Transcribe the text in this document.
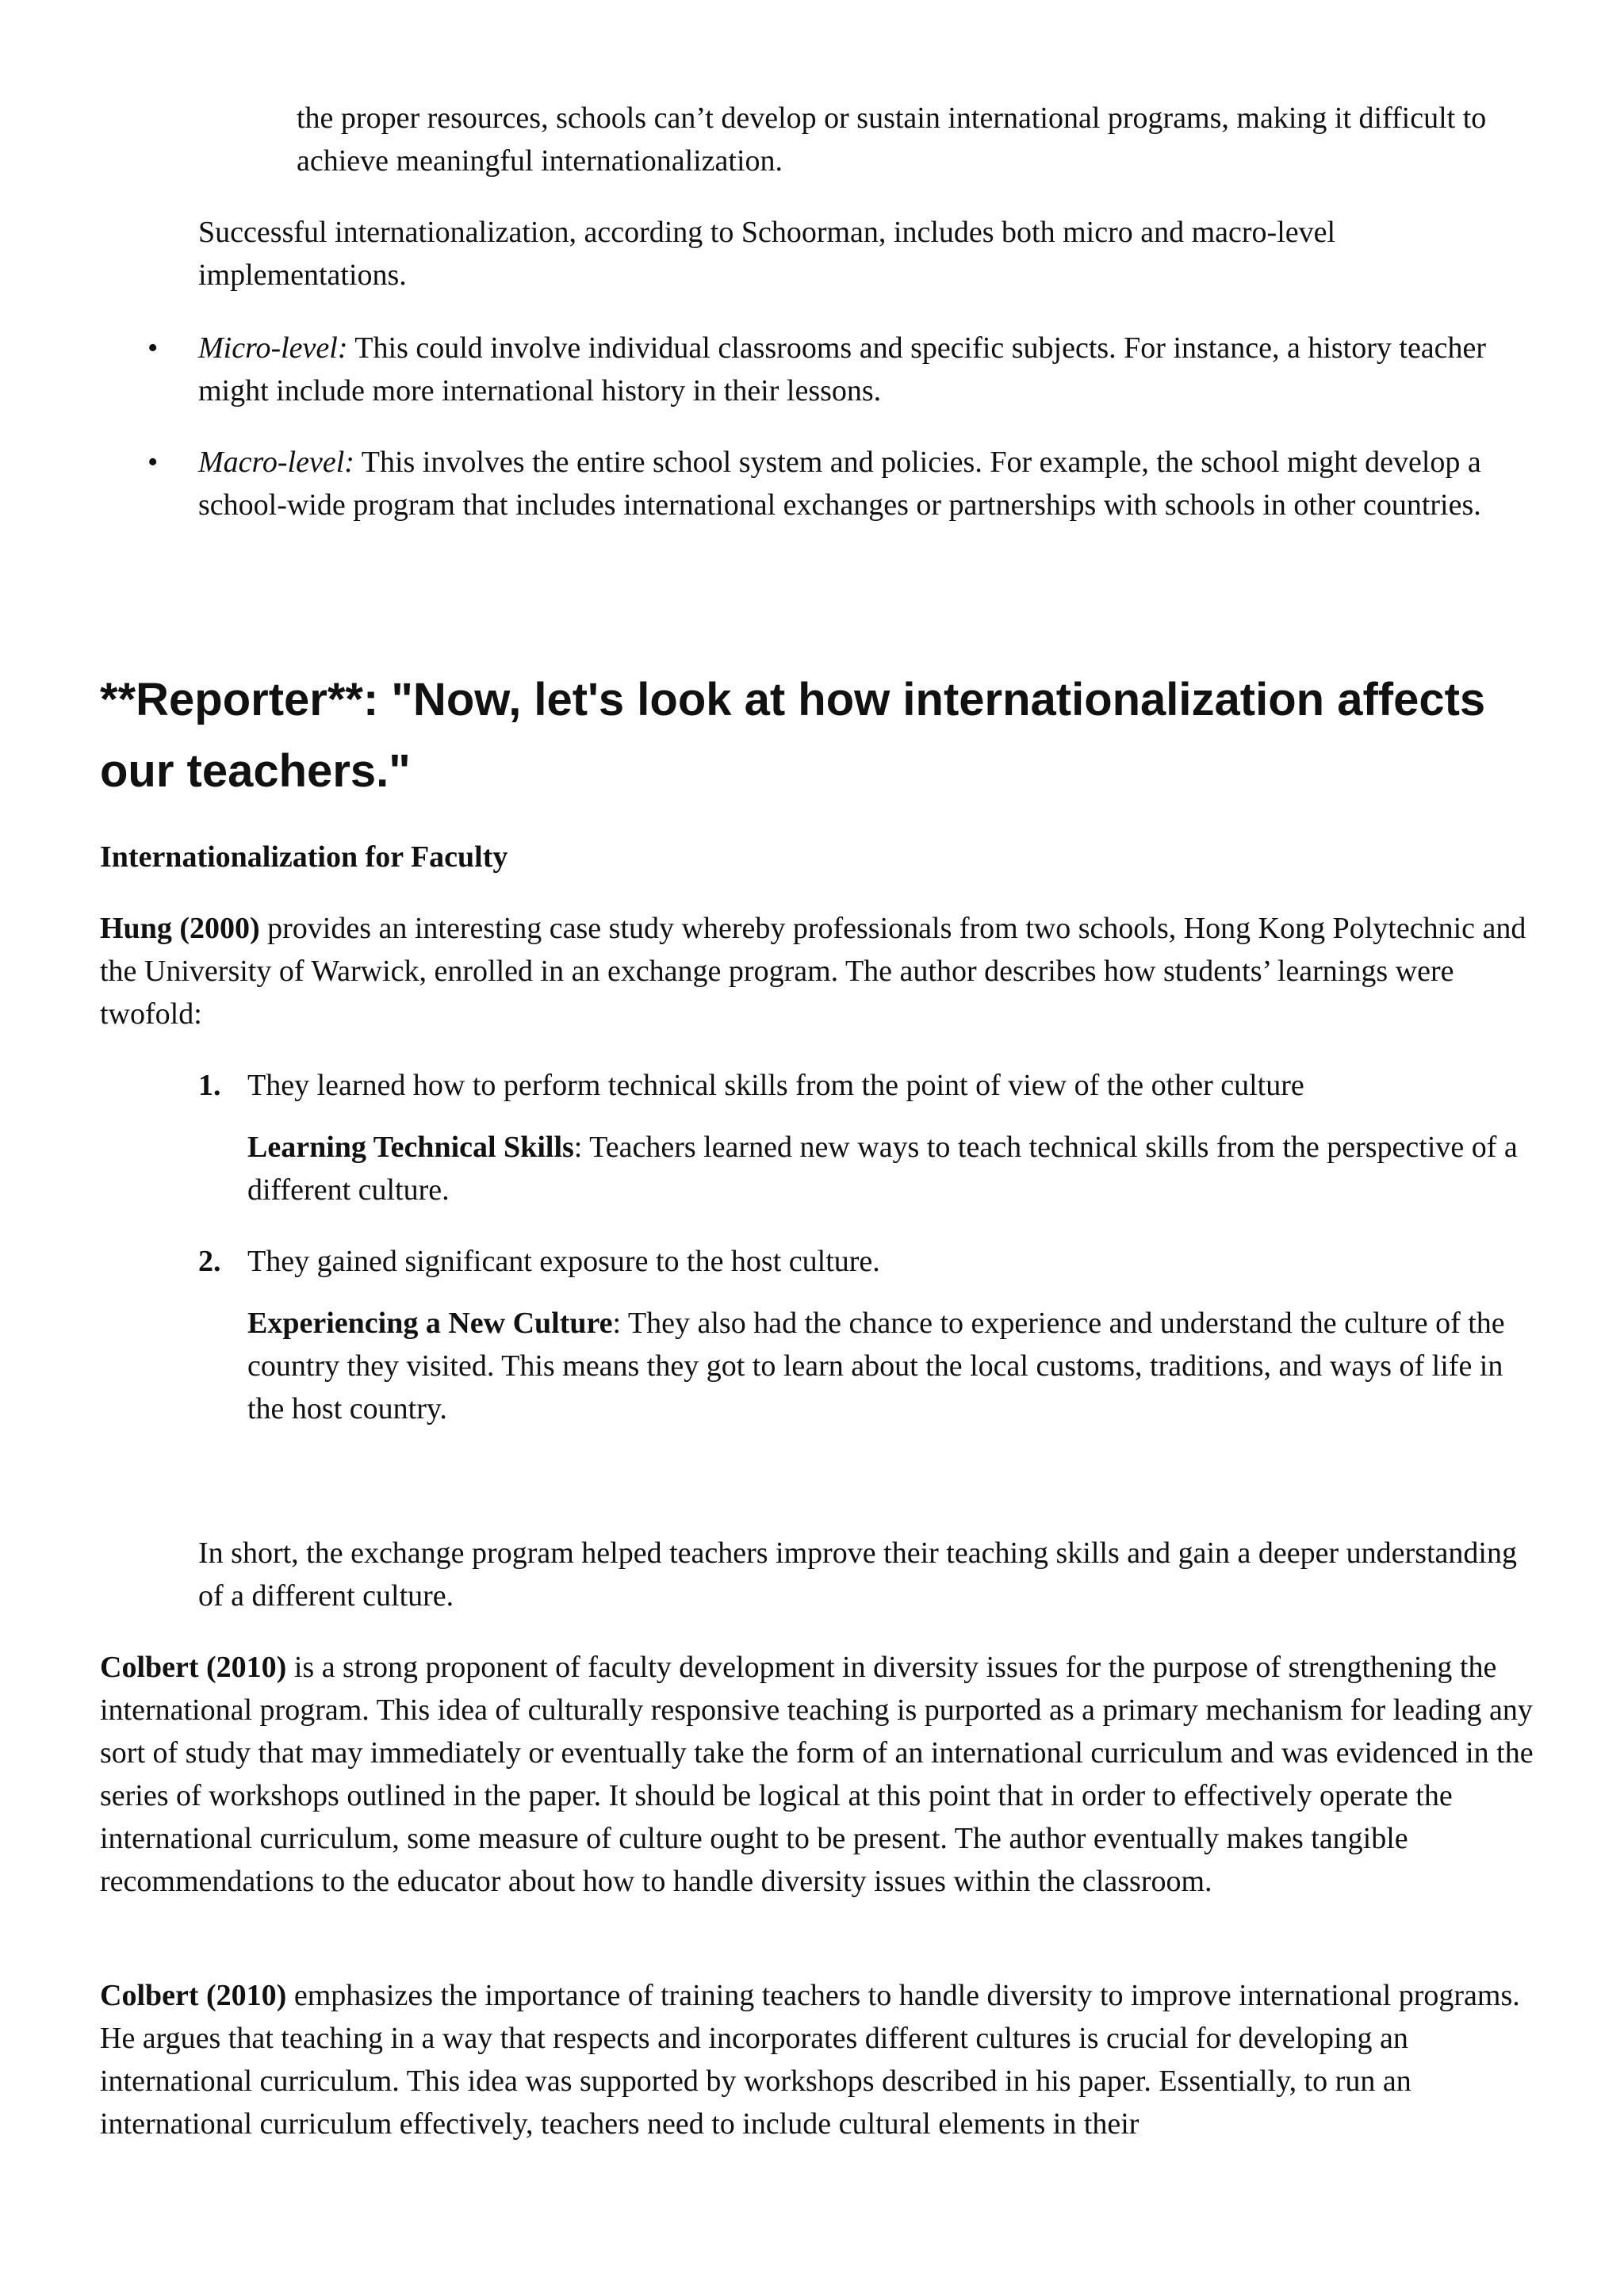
the proper resources, schools can’t develop or sustain international programs, making it difficult to achieve meaningful internationalization.

Successful internationalization, according to Schoorman, includes both micro and macro-level implementations.

• Micro-level: This could involve individual classrooms and specific subjects. For instance, a history teacher might include more international history in their lessons.

• Macro-level: This involves the entire school system and policies. For example, the school might develop a school-wide program that includes international exchanges or partnerships with schools in other countries.

**Reporter**: "Now, let's look at how internationalization affects our teachers."

Internationalization for Faculty

Hung (2000) provides an interesting case study whereby professionals from two schools, Hong Kong Polytechnic and the University of Warwick, enrolled in an exchange program. The author describes how students’ learnings were twofold:

1. They learned how to perform technical skills from the point of view of the other culture

Learning Technical Skills: Teachers learned new ways to teach technical skills from the perspective of a different culture.

2. They gained significant exposure to the host culture.

Experiencing a New Culture: They also had the chance to experience and understand the culture of the country they visited. This means they got to learn about the local customs, traditions, and ways of life in the host country.

In short, the exchange program helped teachers improve their teaching skills and gain a deeper understanding of a different culture.

Colbert (2010) is a strong proponent of faculty development in diversity issues for the purpose of strengthening the international program. This idea of culturally responsive teaching is purported as a primary mechanism for leading any sort of study that may immediately or eventually take the form of an international curriculum and was evidenced in the series of workshops outlined in the paper. It should be logical at this point that in order to effectively operate the international curriculum, some measure of culture ought to be present. The author eventually makes tangible recommendations to the educator about how to handle diversity issues within the classroom.

Colbert (2010) emphasizes the importance of training teachers to handle diversity to improve international programs. He argues that teaching in a way that respects and incorporates different cultures is crucial for developing an international curriculum. This idea was supported by workshops described in his paper. Essentially, to run an international curriculum effectively, teachers need to include cultural elements in their
